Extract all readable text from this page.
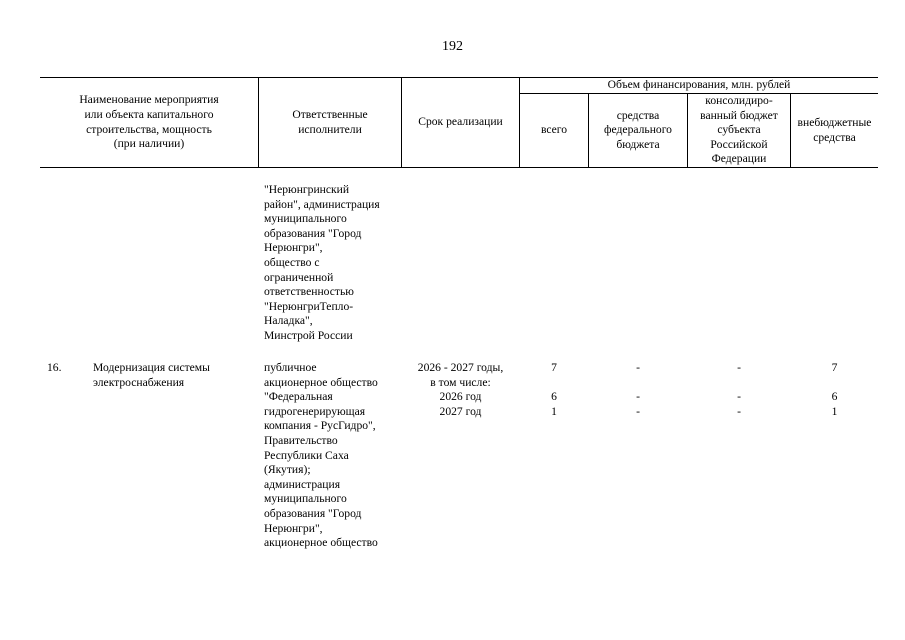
192
Наименование мероприятия
или объекта капитального
строительства, мощность
(при наличии)
Ответственные
исполнители
Срок реализации
Объем финансирования, млн. рублей
всего
средства
федерального
бюджета
консолидиро-
ванный бюджет
субъекта
Российской
Федерации
внебюджетные
средства
"Нерюнгринский
район", администрация
муниципального
образования "Город
Нерюнгри",
общество с
ограниченной
ответственностью
"НерюнгриТепло-
Наладка",
Минстрой России
16.	Модернизация системы
электроснабжения
публичное
акционерное общество
"Федеральная
гидрогенерирующая
компания - РусГидро",
Правительство
Республики Саха
(Якутия);
администрация
муниципального
образования "Город
Нерюнгри",
акционерное общество
2026 - 2027 годы,
в том числе:
2026 год
2027 год
7

6
1
-

-
-
-

-
-
7

6
1
